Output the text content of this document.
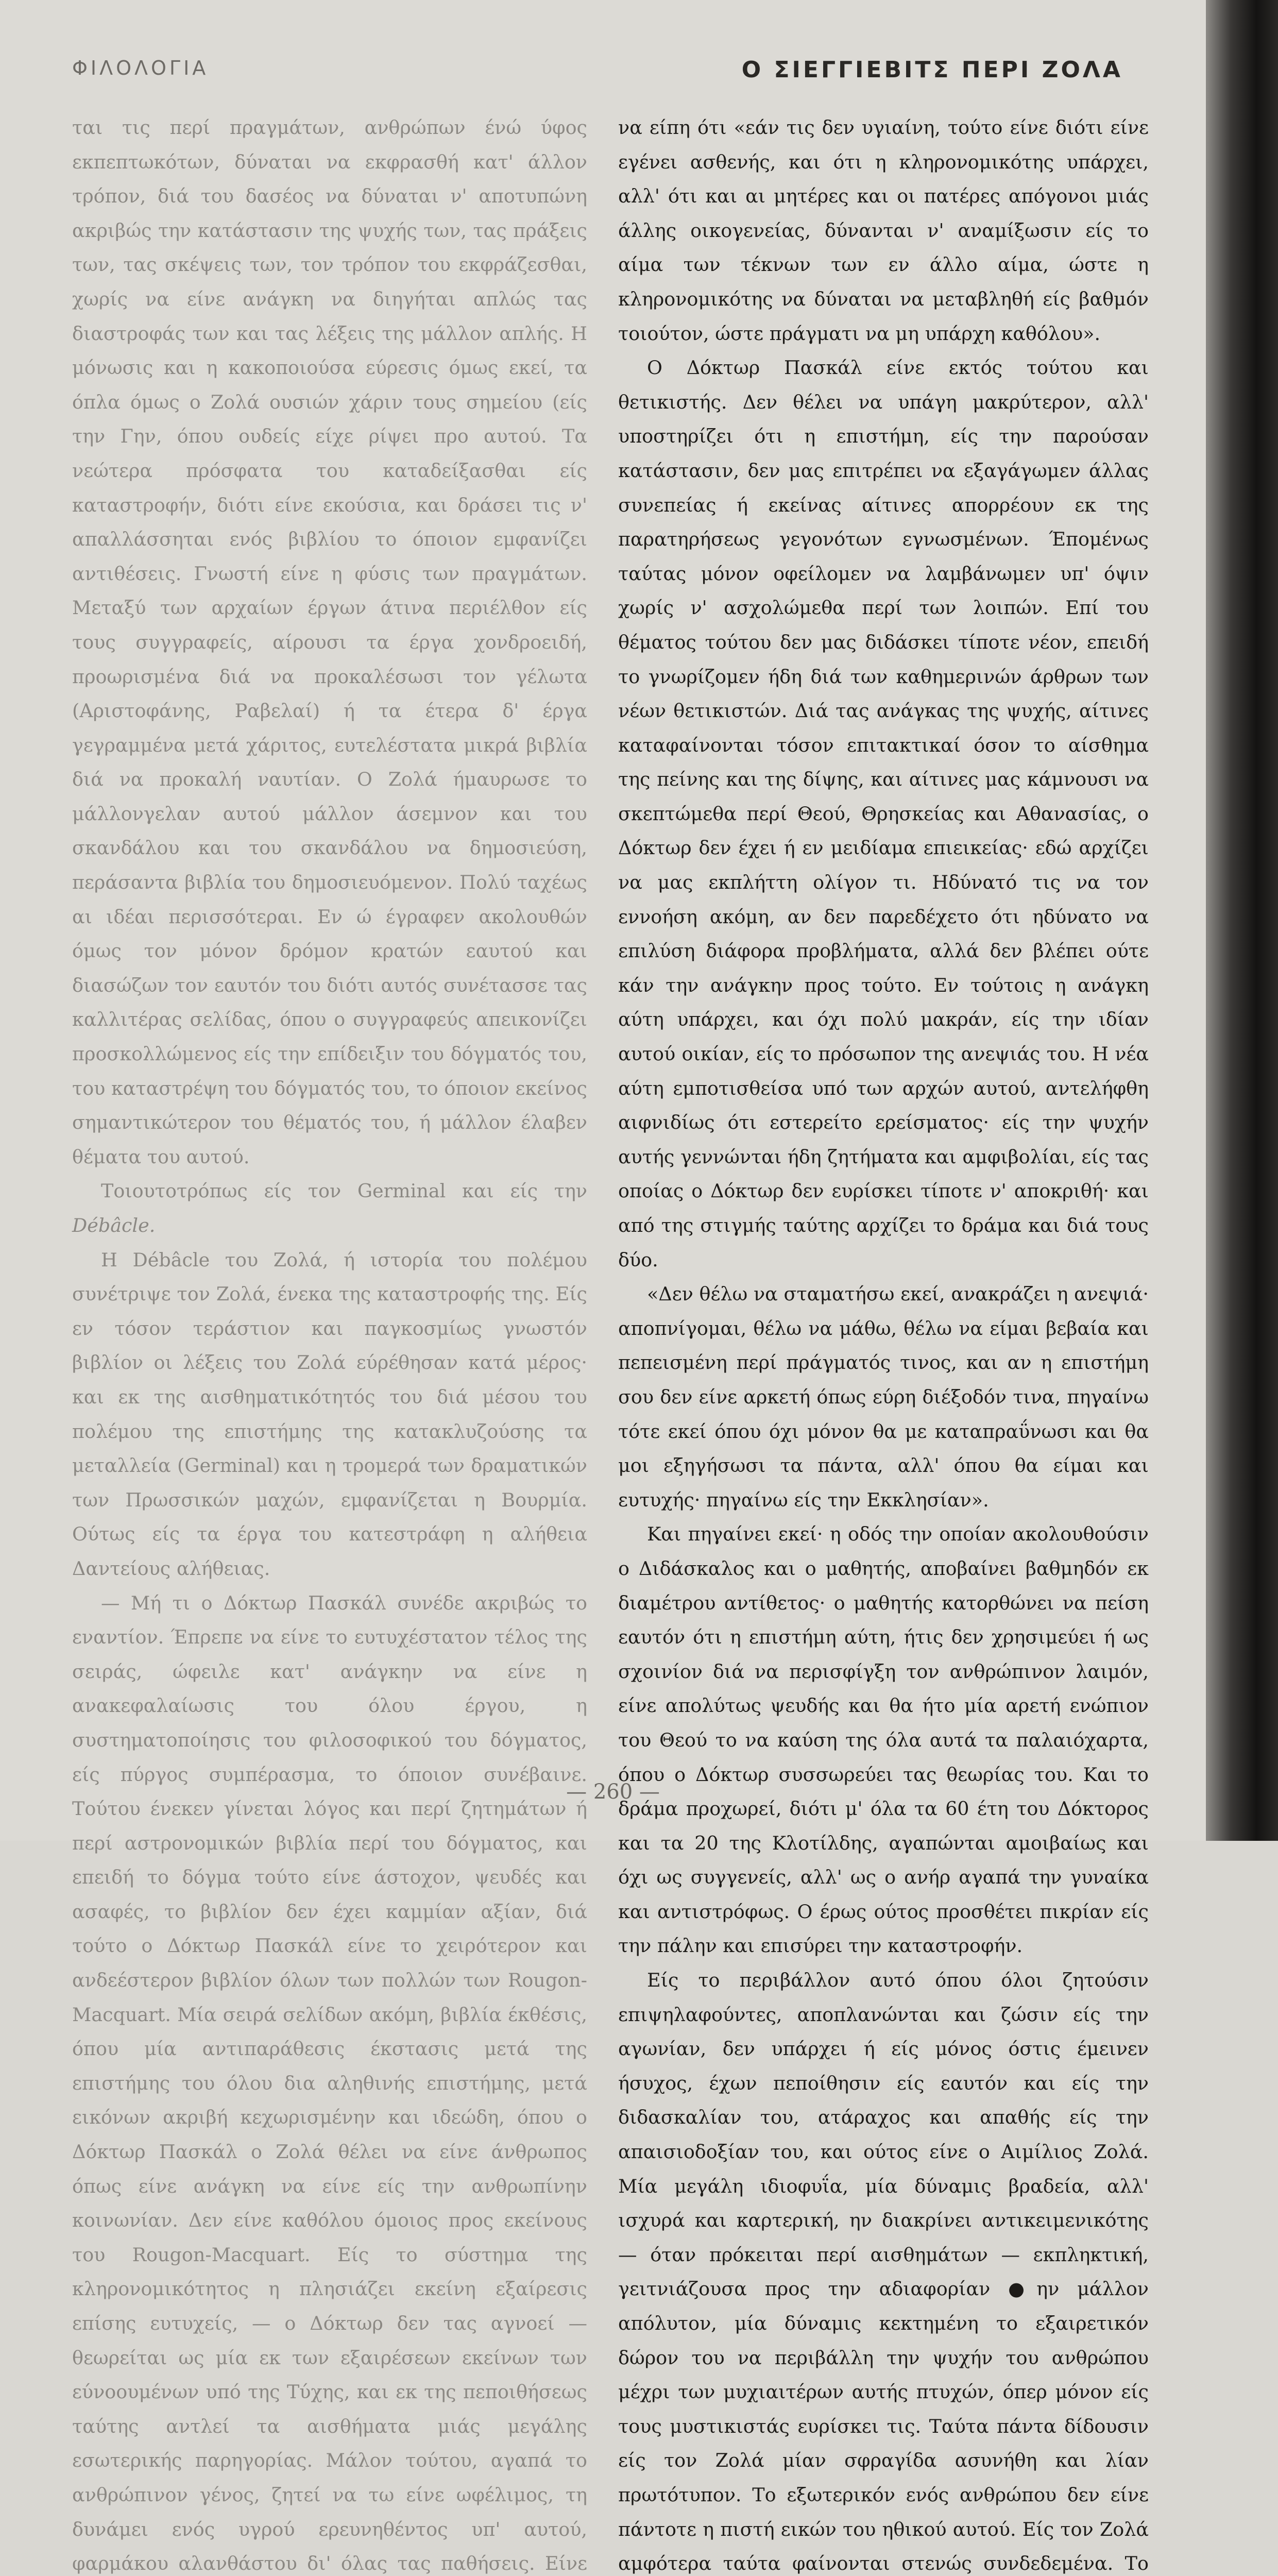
ΦΙΛΟΛΟΓΙΑ	Ο ΣΙΕΓΓΙΕΒΙΤΣ ΠΕΡΙ ΖΟΛΑ

ται τις περί πραγμάτων, ανθρώπων ένώ ύφος εκπεπτωκότων, δύναται να εκφρασθή κατ' άλλον τρόπον, διά του δασέος να δύναται ν' αποτυπώνη ακριβώς την κατάστασιν της ψυχής των, τας πράξεις των, τας σκέψεις των, τον τρόπον του εκφράζεσθαι, χωρίς να είνε ανάγκη να διηγήται απλώς τας διαστροφάς των και τας λέξεις της μάλλον απλής. Η μόνωσις και η κακοποιούσα εύρεσις όμως εκεί, τα όπλα όμως ο Ζολά ουσιών χάριν τους σημείου (είς την Γην, όπου ουδείς είχε ρίψει προ αυτού. Τα νεώτερα πρόσφατα του καταδείξασθαι είς καταστροφήν, διότι είνε εκούσια, και δράσει τις ν' απαλλάσσηται ενός βιβλίου το όποιον εμφανίζει αντιθέσεις. Γνωστή είνε η φύσις των πραγμάτων. Μεταξύ των αρχαίων έργων άτινα περιέλθον είς τους συγγραφείς, αίρουσι τα έργα χονδροειδή, προωρισμένα διά να προκαλέσωσι τον γέλωτα (Αριστοφάνης, Ραβελαί) ή τα έτερα δ' έργα γεγραμμένα μετά χάριτος, ευτελέστατα μικρά βιβλία διά να προκαλή ναυτίαν. Ο Ζολά ήμαυρωσε το μάλλονγελαν αυτού μάλλον άσεμνον και του σκανδάλου και του σκανδάλου να δημοσιεύση, περάσαντα βιβλία του δημοσιευόμενον. Πολύ ταχέως αι ιδέαι περισσότεραι. Εν ώ έγραφεν ακολουθών όμως τον μόνον δρόμον κρατών εαυτού και διασώζων τον εαυτόν του διότι αυτός συνέτασσε τας καλλιτέρας σελίδας, όπου ο συγγραφεύς απεικονίζει προσκολλώμενος είς την επίδειξιν του δόγματός του, του καταστρέψη του δόγματός του, το όποιον εκείνος σημαντικώτερον του θέματός του, ή μάλλον έλαβεν θέματα του αυτού.

Τοιουτοτρόπως είς τον Germinal και είς την Débâcle.

Η Débâcle του Ζολά, ή ιστορία του πολέμου συνέτριψε τον Ζολά, ένεκα της καταστροφής της. Είς εν τόσον τεράστιον και παγκοσμίως γνωστόν βιβλίον οι λέξεις του Ζολά εύρέθησαν κατά μέρος· και εκ της αισθηματικότητός του διά μέσου του πολέμου της επιστήμης της κατακλυζούσης τα μεταλλεία (Germinal) και η τρομερά των δραματικών των Πρωσσικών μαχών, εμφανίζεται η Βουρμία. Ούτως είς τα έργα του κατεστράφη η αλήθεια Δαντείους αλήθειας.

— Μή τι ο Δόκτωρ Πασκάλ συνέδε ακριβώς το εναντίον. Έπρεπε να είνε το ευτυχέστατον τέλος της σειράς, ώφειλε κατ' ανάγκην να είνε η ανακεφαλαίωσις του όλου έργου, η συστηματοποίησις του φιλοσοφικού του δόγματος, είς πύργος συμπέρασμα, το όποιον συνέβαινε. Τούτου ένεκεν γίνεται λόγος και περί ζητημάτων ή περί αστρονομικών βιβλία περί του δόγματος, και επειδή το δόγμα τούτο είνε άστοχον, ψευδές και ασαφές, το βιβλίον δεν έχει καμμίαν αξίαν, διά τούτο ο Δόκτωρ Πασκάλ είνε το χειρότερον και ανδεέστερον βιβλίον όλων των πολλών των Rougon-Macquart. Μία σειρά σελίδων ακόμη, βιβλία έκθέσις, όπου μία αντιπαράθεσις έκστασις μετά της επιστήμης του όλου δια αληθινής επιστήμης, μετά εικόνων ακριβή κεχωρισμένην και ιδεώδη, όπου ο Δόκτωρ Πασκάλ ο Ζολά θέλει να είνε άνθρωπος όπως είνε ανάγκη να είνε είς την ανθρωπίνην κοινωνίαν. Δεν είνε καθόλου όμοιος προς εκείνους του Rougon-Macquart. Είς το σύστημα της κληρονομικότητος η πλησιάζει εκείνη εξαίρεσις επίσης ευτυχείς, — ο Δόκτωρ δεν τας αγνοεί — θεωρείται ως μία εκ των εξαιρέσεων εκείνων των εύνοουμένων υπό της Τύχης, και εκ της πεποιθήσεως ταύτης αντλεί τα αισθήματα μιάς μεγάλης εσωτερικής παρηγορίας. Μάλον τούτου, αγαπά το ανθρώπινον γένος, ζητεί να τω είνε ωφέλιμος, τη δυνάμει ενός υγρού ερευνηθέντος υπ' αυτού, φαρμάκου αλανθάστου δι' όλας τας παθήσεις. Είνε

να είπη ότι «εάν τις δεν υγιαίνη, τούτο είνε διότι είνε εγένει ασθενής, και ότι η κληρονομικότης υπάρχει, αλλ' ότι και αι μητέρες και οι πατέρες απόγονοι μιάς άλλης οικογενείας, δύνανται ν' αναμίξωσιν είς το αίμα των τέκνων των εν άλλο αίμα, ώστε η κληρονομικότης να δύναται να μεταβληθή είς βαθμόν τοιούτον, ώστε πράγματι να μη υπάρχη καθόλου».

Ο Δόκτωρ Πασκάλ είνε εκτός τούτου και θετικιστής. Δεν θέλει να υπάγη μακρύτερον, αλλ' υποστηρίζει ότι η επιστήμη, είς την παρούσαν κατάστασιν, δεν μας επιτρέπει να εξαγάγωμεν άλλας συνεπείας ή εκείνας αίτινες απορρέουν εκ της παρατηρήσεως γεγονότων εγνωσμένων. Έπομένως ταύτας μόνον οφείλομεν να λαμβάνωμεν υπ' όψιν χωρίς ν' ασχολώμεθα περί των λοιπών. Επί του θέματος τούτου δεν μας διδάσκει τίποτε νέον, επειδή το γνωρίζομεν ήδη διά των καθημερινών άρθρων των νέων θετικιστών. Διά τας ανάγκας της ψυχής, αίτινες καταφαίνονται τόσον επιτακτικαί όσον το αίσθημα της πείνης και της δίψης, και αίτινες μας κάμνουσι να σκεπτώμεθα περί Θεού, Θρησκείας και Αθανασίας, ο Δόκτωρ δεν έχει ή εν μειδίαμα επιεικείας· εδώ αρχίζει να μας εκπλήττη ολίγον τι. Ηδύνατό τις να τον εννοήση ακόμη, αν δεν παρεδέχετο ότι ηδύνατο να επιλύση διάφορα προβλήματα, αλλά δεν βλέπει ούτε κάν την ανάγκην προς τούτο. Εν τούτοις η ανάγκη αύτη υπάρχει, και όχι πολύ μακράν, είς την ιδίαν αυτού οικίαν, είς το πρόσωπον της ανεψιάς του. Η νέα αύτη εμποτισθείσα υπό των αρχών αυτού, αντελήφθη αιφνιδίως ότι εστερείτο ερείσματος· είς την ψυχήν αυτής γεννώνται ήδη ζητήματα και αμφιβολίαι, είς τας οποίας ο Δόκτωρ δεν ευρίσκει τίποτε ν' αποκριθή· και από της στιγμής ταύτης αρχίζει το δράμα και διά τους δύο.

«Δεν θέλω να σταματήσω εκεί, ανακράζει η ανεψιά· αποπνίγομαι, θέλω να μάθω, θέλω να είμαι βεβαία και πεπεισμένη περί πράγματός τινος, και αν η επιστήμη σου δεν είνε αρκετή όπως εύρη διέξοδόν τινα, πηγαίνω τότε εκεί όπου όχι μόνον θα με καταπραΰνωσι και θα μοι εξηγήσωσι τα πάντα, αλλ' όπου θα είμαι και ευτυχής· πηγαίνω είς την Εκκλησίαν».

Και πηγαίνει εκεί· η οδός την οποίαν ακολουθούσιν ο Διδάσκαλος και ο μαθητής, αποβαίνει βαθμηδόν εκ διαμέτρου αντίθετος· ο μαθητής κατορθώνει να πείση εαυτόν ότι η επιστήμη αύτη, ήτις δεν χρησιμεύει ή ως σχοινίον διά να περισφίγξη τον ανθρώπινον λαιμόν, είνε απολύτως ψευδής και θα ήτο μία αρετή ενώπιον του Θεού το να καύση της όλα αυτά τα παλαιόχαρτα, όπου ο Δόκτωρ συσσωρεύει τας θεωρίας του. Και το δράμα προχωρεί, διότι μ' όλα τα 60 έτη του Δόκτορος και τα 20 της Κλοτίλδης, αγαπώνται αμοιβαίως και όχι ως συγγενείς, αλλ' ως ο ανήρ αγαπά την γυναίκα και αντιστρόφως. Ο έρως ούτος προσθέτει πικρίαν είς την πάλην και επισύρει την καταστροφήν.

Είς το περιβάλλον αυτό όπου όλοι ζητούσιν επιψηλαφούντες, αποπλανώνται και ζώσιν είς την αγωνίαν, δεν υπάρχει ή είς μόνος όστις έμεινεν ήσυχος, έχων πεποίθησιν είς εαυτόν και είς την διδασκαλίαν του, ατάραχος και απαθής είς την απαισιοδοξίαν του, και ούτος είνε ο Αιμίλιος Ζολά. Μία μεγάλη ιδιοφυΐα, μία δύναμις βραδεία, αλλ' ισχυρά και καρτερική, ην διακρίνει αντικειμενικότης — όταν πρόκειται περί αισθημάτων — εκπληκτική, γειτνιάζουσα προς την αδιαφορίαν ●ην μάλλον απόλυτον, μία δύναμις κεκτημένη το εξαιρετικόν δώρον του να περιβάλλη την ψυχήν του ανθρώπου μέχρι των μυχιαιτέρων αυτής πτυχών, όπερ μόνον είς τους μυστικιστάς ευρίσκει τις. Ταύτα πάντα δίδουσιν είς τον Ζολά μίαν σφραγίδα ασυνήθη και λίαν πρωτότυπον. Το εξωτερικόν ενός ανθρώπου δεν είνε πάντοτε η πιστή εικών του ηθικού αυτού. Είς τον Ζολά αμφότερα ταύτα φαίνονται στενώς συνδεδεμένα. Το

— 260 —
